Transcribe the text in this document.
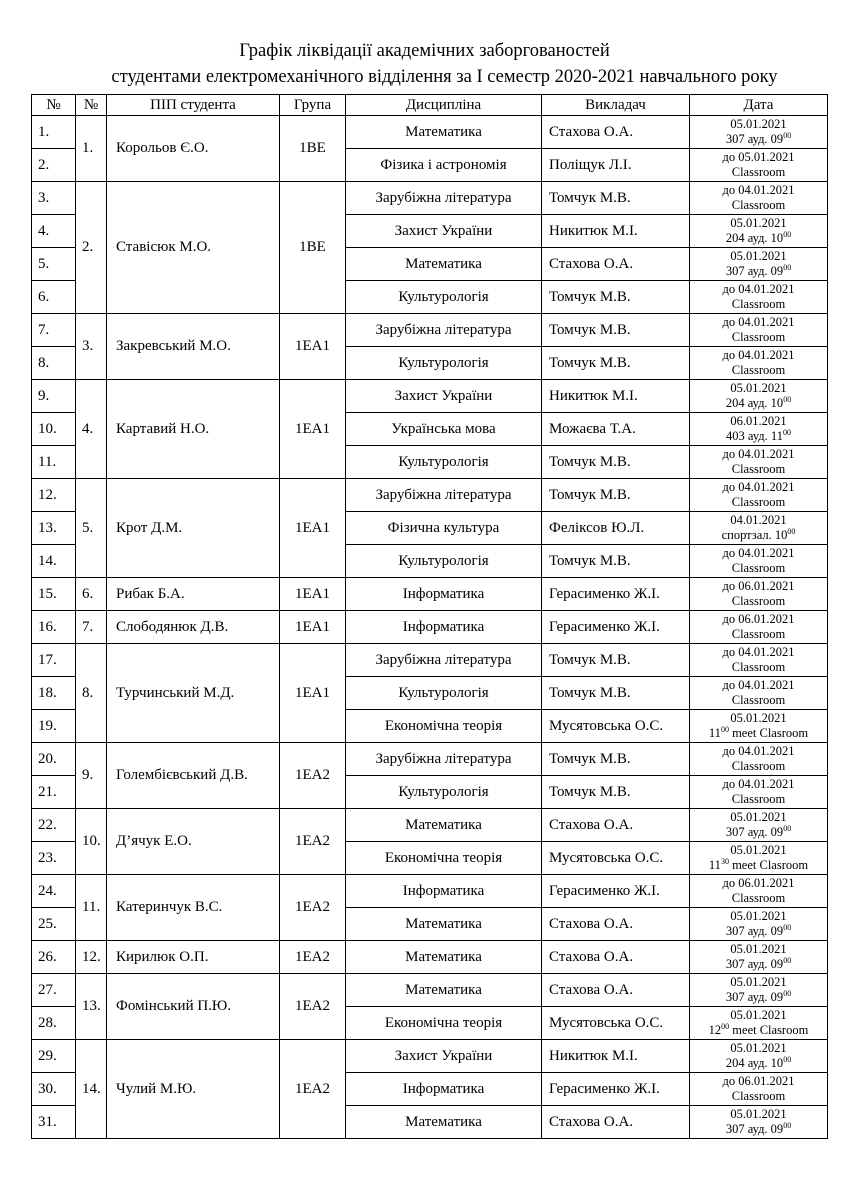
Графік ліквідації академічних заборгованостей
студентами електромеханічного відділення за I семестр 2020-2021 навчального року
№	№	ПІП студента	Група	Дисципліна	Викладач	Дата
1.	1.	Корольов Є.О.	1ВЕ	Математика	Стахова О.А.	05.01.2021
307 ауд. $09^{00}$

2.				Фізика і астрономія	Поліщук Л.І.	до 05.01.2021
Classroom

3.	2.	Ставісюк М.О.	1ВЕ	Зарубіжна література	Томчук М.В.	до 04.01.2021
Classroom

4.				Захист України	Никитюк М.І.	05.01.2021
204 ауд. $10^{00}$

5.				Математика	Стахова О.А.	05.01.2021
307 ауд. $09^{00}$

6.				Культурологія	Томчук М.В.	до 04.01.2021
Classroom

7.	3.	Закревський М.О.	1ЕА1	Зарубіжна література	Томчук М.В.	до 04.01.2021
Classroom

8.				Культурологія	Томчук М.В.	до 04.01.2021
Classroom

9.	4.	Картавий Н.О.	1ЕА1	Захист України	Никитюк М.І.	05.01.2021
204 ауд. $10^{00}$

10.				Українська мова	Можаєва Т.А.	06.01.2021
403 ауд. $11^{00}$

11.				Культурологія	Томчук М.В.	до 04.01.2021
Classroom

12.	5.	Крот Д.М.	1ЕА1	Зарубіжна література	Томчук М.В.	до 04.01.2021
Classroom

13.				Фізична культура	Феліксов Ю.Л.	04.01.2021
спортзал. $10^{00}$

14.				Культурологія	Томчук М.В.	до 04.01.2021
Classroom

15.	6.	Рибак Б.А.	1ЕА1	Інформатика	Герасименко Ж.І.	до 06.01.2021
Classroom

16.	7.	Слободянюк Д.В.	1ЕА1	Інформатика	Герасименко Ж.І.	до 06.01.2021
Classroom

17.	8.	Турчинський М.Д.	1ЕА1	Зарубіжна література	Томчук М.В.	до 04.01.2021
Classroom

18.				Культурологія	Томчук М.В.	до 04.01.2021
Classroom

19.				Економічна теорія	Мусятовська О.С.	05.01.2021
$11^{00}$ meet Clasroom

20.	9.	Голембієвський Д.В.	1ЕА2	Зарубіжна література	Томчук М.В.	до 04.01.2021
Classroom

21.				Культурологія	Томчук М.В.	до 04.01.2021
Classroom

22.	10.	Д’ячук Е.О.	1ЕА2	Математика	Стахова О.А.	05.01.2021
307 ауд. $09^{00}$

23.				Економічна теорія	Мусятовська О.С.	05.01.2021
$11^{30}$ meet Clasroom

24.	11.	Катеринчук В.С.	1ЕА2	Інформатика	Герасименко Ж.І.	до 06.01.2021
Classroom

25.				Математика	Стахова О.А.	05.01.2021
307 ауд. $09^{00}$

26.	12.	Кирилюк О.П.	1ЕА2	Математика	Стахова О.А.	05.01.2021
307 ауд. $09^{00}$

27.	13.	Фомінський П.Ю.	1ЕА2	Математика	Стахова О.А.	05.01.2021
307 ауд. $09^{00}$

28.				Економічна теорія	Мусятовська О.С.	05.01.2021
$12^{00}$ meet Clasroom

29.	14.	Чулий М.Ю.	1ЕА2	Захист України	Никитюк М.І.	05.01.2021
204 ауд. $10^{00}$

30.				Інформатика	Герасименко Ж.І.	до 06.01.2021
Classroom

31.				Математика	Стахова О.А.	05.01.2021
307 ауд. $09^{00}$
